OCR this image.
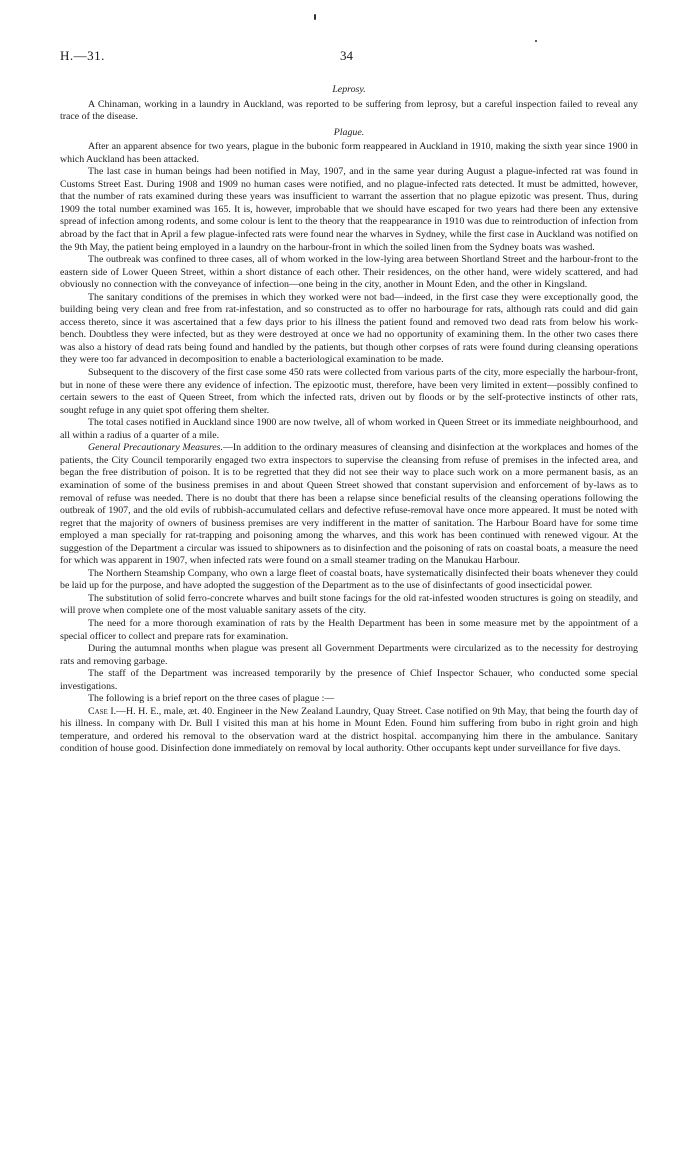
H.—31.	34
Leprosy.

A Chinaman, working in a laundry in Auckland, was reported to be suffering from leprosy, but a careful inspection failed to reveal any trace of the disease.

Plague.

After an apparent absence for two years, plague in the bubonic form reappeared in Auckland in 1910, making the sixth year since 1900 in which Auckland has been attacked.

The last case in human beings had been notified in May, 1907, and in the same year during August a plague-infected rat was found in Customs Street East. During 1908 and 1909 no human cases were notified, and no plague-infected rats detected. It must be admitted, however, that the number of rats examined during these years was insufficient to warrant the assertion that no plague epizotic was present. Thus, during 1909 the total number examined was 165. It is, however, improbable that we should have escaped for two years had there been any extensive spread of infection among rodents, and some colour is lent to the theory that the reappearance in 1910 was due to reintroduction of infection from abroad by the fact that in April a few plague-infected rats were found near the wharves in Sydney, while the first case in Auckland was notified on the 9th May, the patient being employed in a laundry on the harbour-front in which the soiled linen from the Sydney boats was washed.

The outbreak was confined to three cases, all of whom worked in the low-lying area between Shortland Street and the harbour-front to the eastern side of Lower Queen Street, within a short distance of each other. Their residences, on the other hand, were widely scattered, and had obviously no connection with the conveyance of infection—one being in the city, another in Mount Eden, and the other in Kingsland.

The sanitary conditions of the premises in which they worked were not bad—indeed, in the first case they were exceptionally good, the building being very clean and free from rat-infestation, and so constructed as to offer no harbourage for rats, although rats could and did gain access thereto, since it was ascertained that a few days prior to his illness the patient found and removed two dead rats from below his work-bench. Doubtless they were infected, but as they were destroyed at once we had no opportunity of examining them. In the other two cases there was also a history of dead rats being found and handled by the patients, but though other corpses of rats were found during cleansing operations they were too far advanced in decomposition to enable a bacteriological examination to be made.

Subsequent to the discovery of the first case some 450 rats were collected from various parts of the city, more especially the harbour-front, but in none of these were there any evidence of infection. The epizootic must, therefore, have been very limited in extent—possibly confined to certain sewers to the east of Queen Street, from which the infected rats, driven out by floods or by the self-protective instincts of other rats, sought refuge in any quiet spot offering them shelter.

The total cases notified in Auckland since 1900 are now twelve, all of whom worked in Queen Street or its immediate neighbourhood, and all within a radius of a quarter of a mile.

General Precautionary Measures.—In addition to the ordinary measures of cleansing and disinfection at the workplaces and homes of the patients, the City Council temporarily engaged two extra inspectors to supervise the cleansing from refuse of premises in the infected area, and began the free distribution of poison. It is to be regretted that they did not see their way to place such work on a more permanent basis, as an examination of some of the business premises in and about Queen Street showed that constant supervision and enforcement of by-laws as to removal of refuse was needed. There is no doubt that there has been a relapse since beneficial results of the cleansing operations following the outbreak of 1907, and the old evils of rubbish-accumulated cellars and defective refuse-removal have once more appeared. It must be noted with regret that the majority of owners of business premises are very indifferent in the matter of sanitation. The Harbour Board have for some time employed a man specially for rat-trapping and poisoning among the wharves, and this work has been continued with renewed vigour. At the suggestion of the Department a circular was issued to shipowners as to disinfection and the poisoning of rats on coastal boats, a measure the need for which was apparent in 1907, when infected rats were found on a small steamer trading on the Manukau Harbour.

The Northern Steamship Company, who own a large fleet of coastal boats, have systematically disinfected their boats whenever they could be laid up for the purpose, and have adopted the suggestion of the Department as to the use of disinfectants of good insecticidal power.

The substitution of solid ferro-concrete wharves and built stone facings for the old rat-infested wooden structures is going on steadily, and will prove when complete one of the most valuable sanitary assets of the city.

The need for a more thorough examination of rats by the Health Department has been in some measure met by the appointment of a special officer to collect and prepare rats for examination.

During the autumnal months when plague was present all Government Departments were circularized as to the necessity for destroying rats and removing garbage.

The staff of the Department was increased temporarily by the presence of Chief Inspector Schauer, who conducted some special investigations.

The following is a brief report on the three cases of plague :—

Case I.—H. H. E., male, æt. 40. Engineer in the New Zealand Laundry, Quay Street. Case notified on 9th May, that being the fourth day of his illness. In company with Dr. Bull I visited this man at his home in Mount Eden. Found him suffering from bubo in right groin and high temperature, and ordered his removal to the observation ward at the district hospital. accompanying him there in the ambulance. Sanitary condition of house good. Disinfection done immediately on removal by local authority. Other occupants kept under surveillance for five days.
